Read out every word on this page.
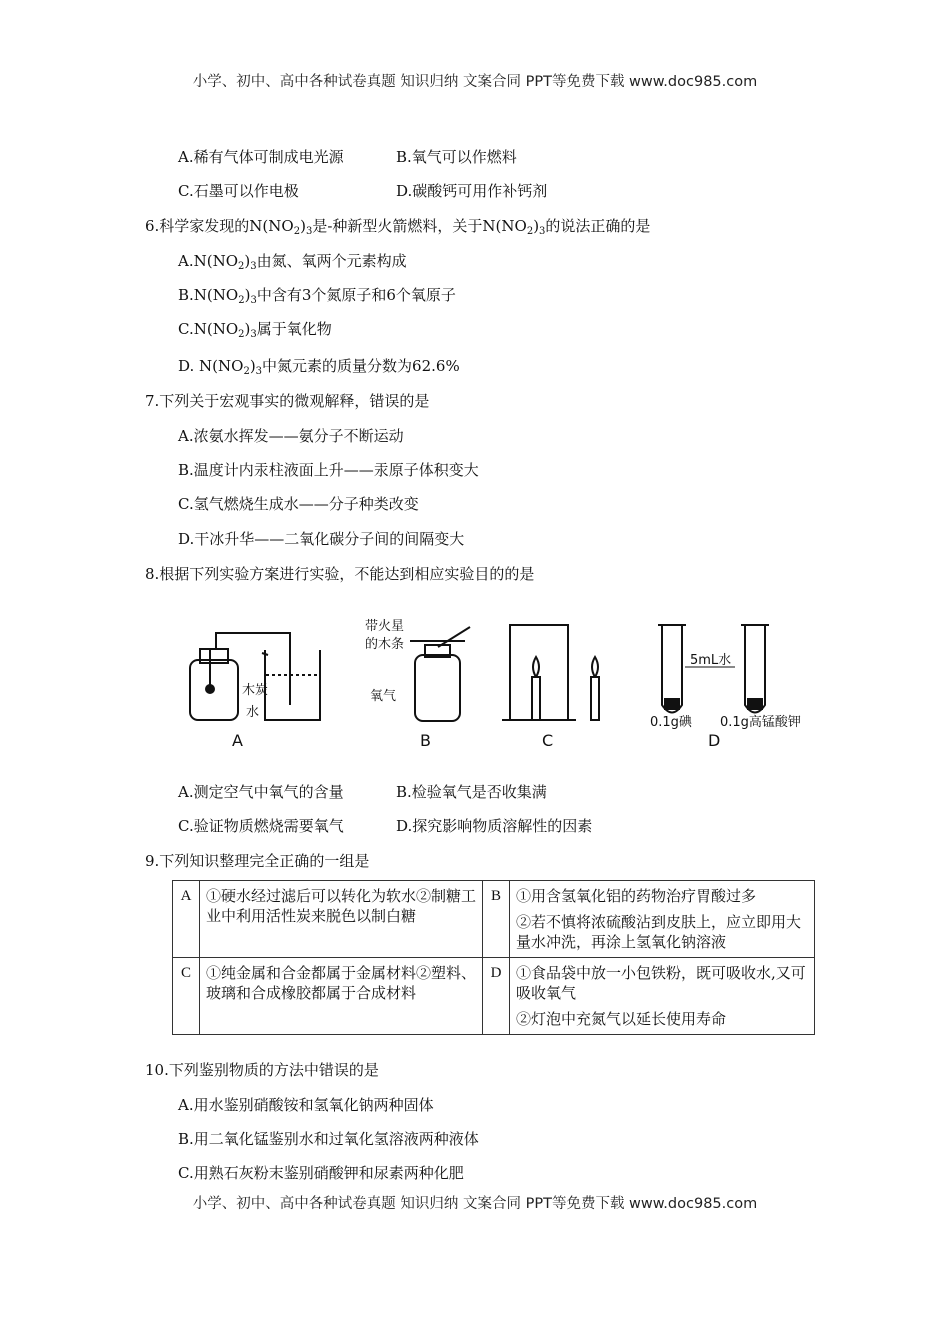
小学、初中、高中各种试卷真题 知识归纳 文案合同 PPT等免费下载 www.doc985.com
A.稀有气体可制成电光源	B.氧气可以作燃料
C.石墨可以作电极	D.碳酸钙可用作补钙剂
6.科学家发现的$N(NO_2)_3$是-种新型火箭燃料，关于$N(NO_2)_3$的说法正确的是
$A.N(NO_2)_3$由氮、氧两个元素构成
$B.N(NO_2)_3$中含有3个氮原子和6个氧原子
$C.N(NO_2)_3$属于氧化物
D. $N(NO_2)_3$中氮元素的质量分数为62.6%
7.下列关于宏观事实的微观解释，错误的是
A.浓氨水挥发——氨分子不断运动
B.温度计内汞柱液面上升——汞原子体积变大
C.氢气燃烧生成水——分子种类改变
D.干冰升华——二氧化碳分子间的间隔变大
8.根据下列实验方案进行实验，不能达到相应实验目的的是
A	B	C	D
木炭
水
带火星
的木条
氧气
5mL水
0.1g碘 0.1g高锰酸钾
A.测定空气中氧气的含量	B.检验氧气是否收集满
C.验证物质燃烧需要氧气	D.探究影响物质溶解性的因素
9.下列知识整理完全正确的一组是
A	①硬水经过滤后可以转化为软水②制糖工业中利用活性炭来脱色以制白糖	B	①用含氢氧化铝的药物治疗胃酸过多

②若不慎将浓硫酸沾到皮肤上，应立即用大量水冲洗，再涂上氢氧化钠溶液

C	①纯金属和合金都属于金属材料②塑料、玻璃和合成橡胶都属于合成材料	D	①食品袋中放一小包铁粉，既可吸收水,又可吸收氧气

②灯泡中充氮气以延长使用寿命

10.下列鉴别物质的方法中错误的是
A.用水鉴别硝酸铵和氢氧化钠两种固体
B.用二氧化锰鉴别水和过氧化氢溶液两种液体
C.用熟石灰粉末鉴别硝酸钾和尿素两种化肥
小学、初中、高中各种试卷真题 知识归纳 文案合同 PPT等免费下载 www.doc985.com
